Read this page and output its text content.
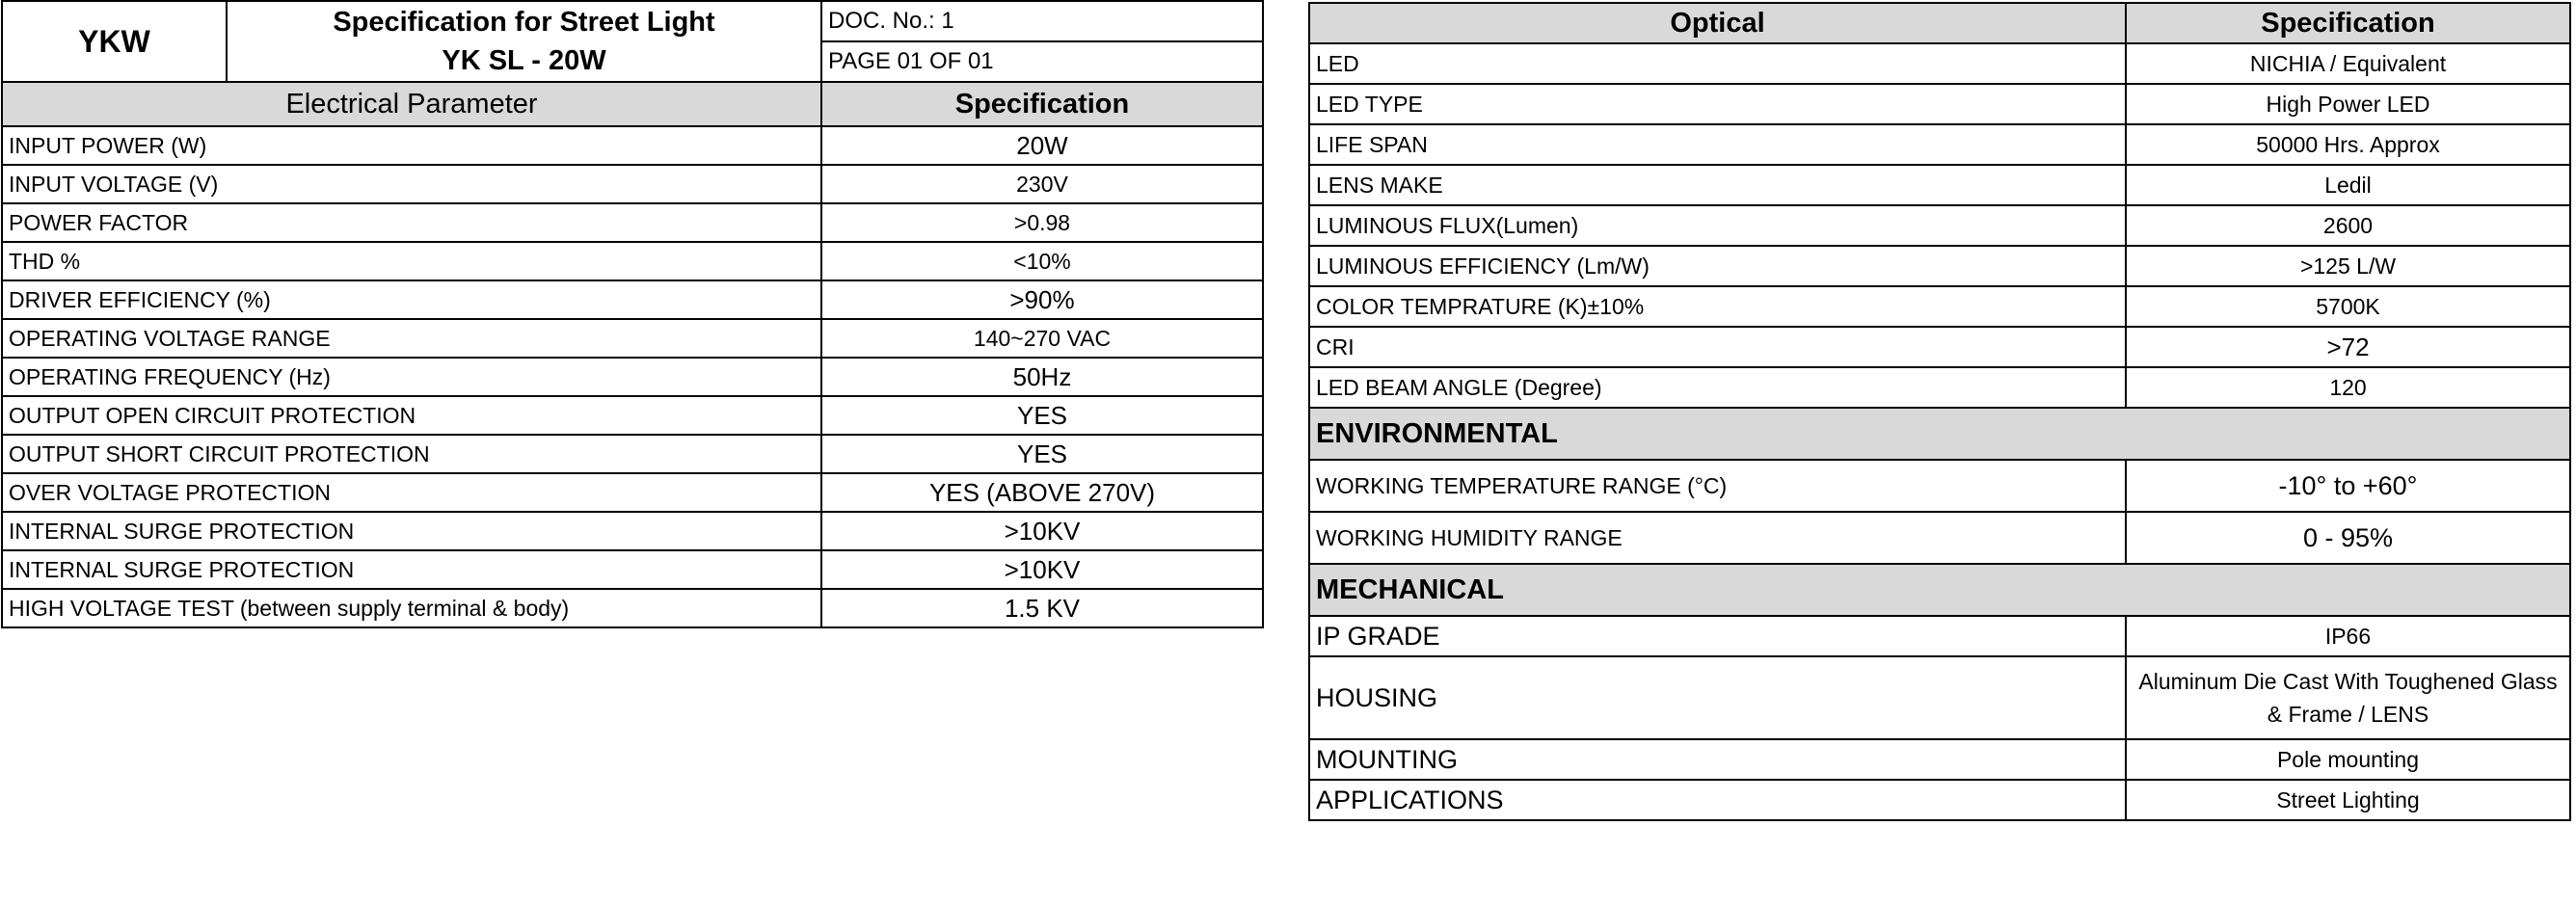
YKW	
Specification for Street Light
YK SL - 20W
	DOC. No.: 1
PAGE 01 OF 01
Electrical Parameter	Specification
INPUT POWER (W)	20W
INPUT VOLTAGE (V)	230V
POWER FACTOR	>0.98
THD %	<10%
DRIVER EFFICIENCY (%)	>90%
OPERATING VOLTAGE RANGE	140~270 VAC
OPERATING FREQUENCY (Hz)	50Hz
OUTPUT OPEN CIRCUIT PROTECTION	YES
OUTPUT SHORT CIRCUIT PROTECTION	YES
OVER VOLTAGE PROTECTION	YES (ABOVE 270V)
INTERNAL SURGE PROTECTION	>10KV
INTERNAL SURGE PROTECTION	>10KV
HIGH VOLTAGE TEST (between supply terminal & body)	1.5 KV
Optical	Specification
LED	NICHIA / Equivalent
LED TYPE	High Power LED
LIFE SPAN	50000 Hrs. Approx
LENS MAKE	Ledil
LUMINOUS FLUX(Lumen)	2600
LUMINOUS EFFICIENCY (Lm/W)	>125 L/W
COLOR TEMPRATURE (K)±10%	5700K
CRI	>72
LED BEAM ANGLE (Degree)	120
ENVIRONMENTAL	
WORKING TEMPERATURE RANGE (°C)	-10° to +60°
WORKING HUMIDITY RANGE	0 - 95%
MECHANICAL	
IP GRADE	IP66
HOUSING	Aluminum Die Cast With Toughened Glass & Frame / LENS
MOUNTING	Pole mounting
APPLICATIONS	Street Lighting
